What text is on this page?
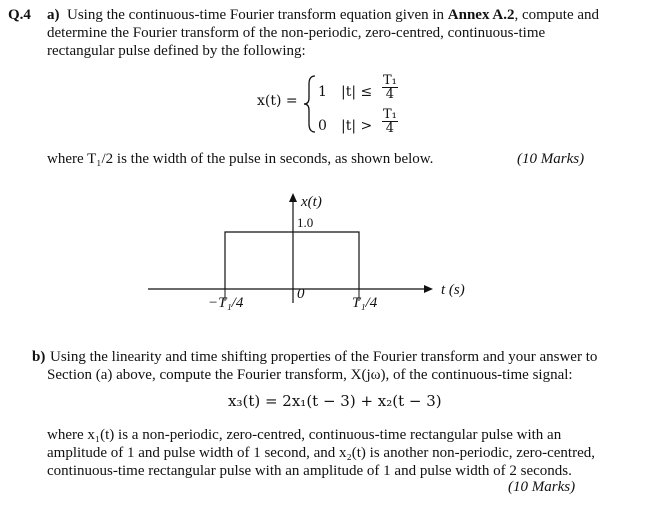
Q.4 a) Using the continuous-time Fourier transform equation given in Annex A.2, compute and
determine the Fourier transform of the non-periodic, zero-centred, continuous-time
rectangular pulse defined by the following:
x(t) =
1 $|t| \le \frac{\text{T₁}}{4}$
0 $|t| > \frac{\text{T₁}}{4}$
where T₁/2 is the width of the pulse in seconds, as shown below.	(10 Marks)
x(t)
1.0
t (s)
−T₁/4
0
T₁/4
b) Using the linearity and time shifting properties of the Fourier transform and your answer to
Section (a) above, compute the Fourier transform, X(jω), of the continuous-time signal:
x₃(t) = 2x₁(t − 3) + x₂(t − 3)
where x₁(t) is a non-periodic, zero-centred, continuous-time rectangular pulse with an
amplitude of 1 and pulse width of 1 second, and x₂(t) is another non-periodic, zero-centred,
continuous-time rectangular pulse with an amplitude of 1 and pulse width of 2 seconds.
(10 Marks)
